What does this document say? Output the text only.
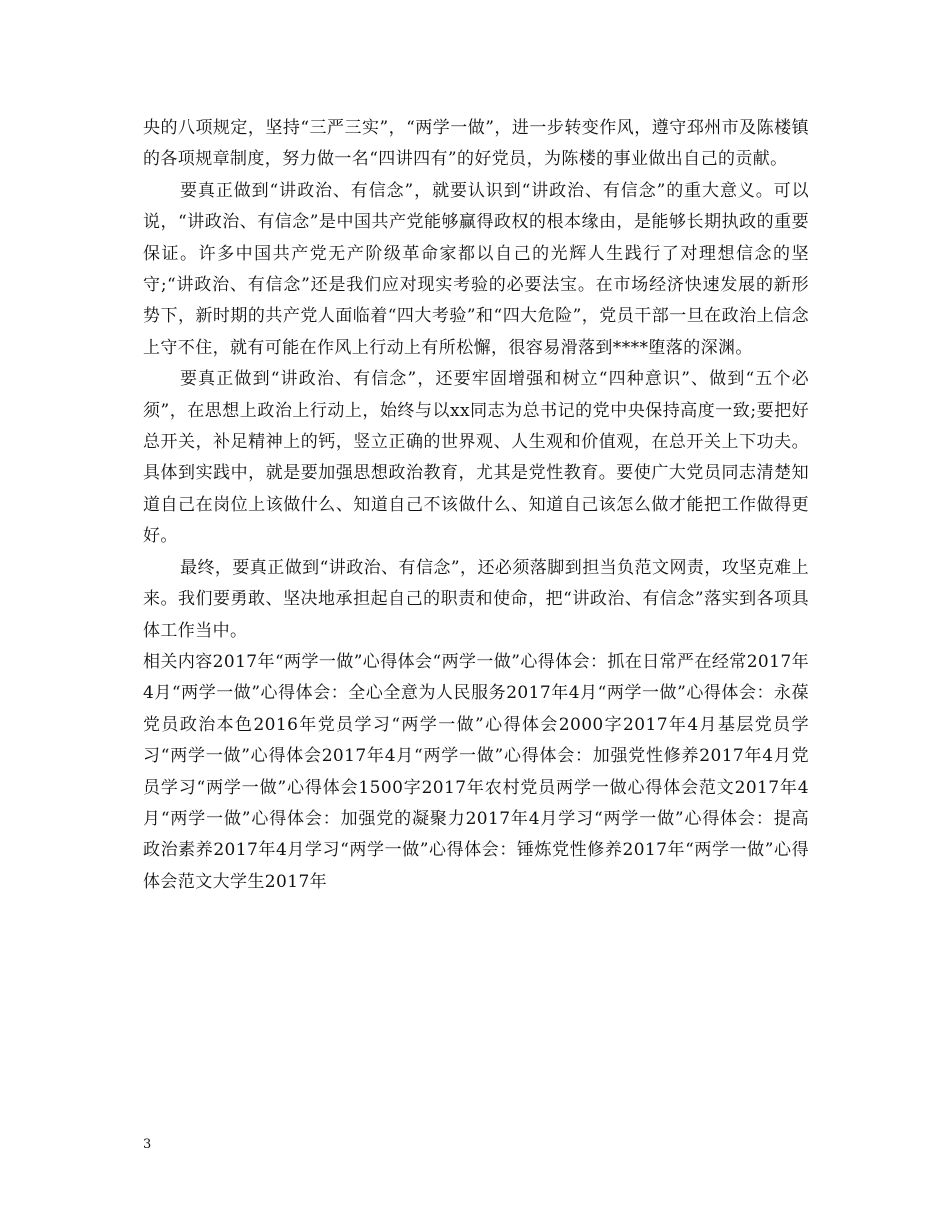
央的八项规定，坚持“三严三实”，“两学一做”，进一步转变作风，遵守邳州市及陈楼镇的各项规章制度，努力做一名“四讲四有”的好党员，为陈楼的事业做出自己的贡献。

要真正做到“讲政治、有信念”，就要认识到“讲政治、有信念”的重大意义。可以说，“讲政治、有信念”是中国共产党能够赢得政权的根本缘由，是能够长期执政的重要保证。许多中国共产党无产阶级革命家都以自己的光辉人生践行了对理想信念的坚守;“讲政治、有信念”还是我们应对现实考验的必要法宝。在市场经济快速发展的新形势下，新时期的共产党人面临着“四大考验”和“四大危险”，党员干部一旦在政治上信念上守不住，就有可能在作风上行动上有所松懈，很容易滑落到****堕落的深渊。

要真正做到“讲政治、有信念”，还要牢固增强和树立“四种意识”、做到“五个必须”，在思想上政治上行动上，始终与以xx同志为总书记的党中央保持高度一致;要把好总开关，补足精神上的钙，竖立正确的世界观、人生观和价值观，在总开关上下功夫。具体到实践中，就是要加强思想政治教育，尤其是党性教育。要使广大党员同志清楚知道自己在岗位上该做什么、知道自己不该做什么、知道自己该怎么做才能把工作做得更好。

最终，要真正做到“讲政治、有信念”，还必须落脚到担当负范文网责，攻坚克难上来。我们要勇敢、坚决地承担起自己的职责和使命，把“讲政治、有信念”落实到各项具体工作当中。

相关内容2017年“两学一做”心得体会“两学一做”心得体会：抓在日常严在经常2017年4月“两学一做”心得体会：全心全意为人民服务2017年4月“两学一做”心得体会：永葆党员政治本色2016年党员学习“两学一做”心得体会2000字2017年4月基层党员学习“两学一做”心得体会2017年4月“两学一做”心得体会：加强党性修养2017年4月党员学习“两学一做”心得体会1500字2017年农村党员两学一做心得体会范文2017年4月“两学一做”心得体会：加强党的凝聚力2017年4月学习“两学一做”心得体会：提高政治素养2017年4月学习“两学一做”心得体会：锤炼党性修养2017年“两学一做”心得体会范文大学生2017年

3
